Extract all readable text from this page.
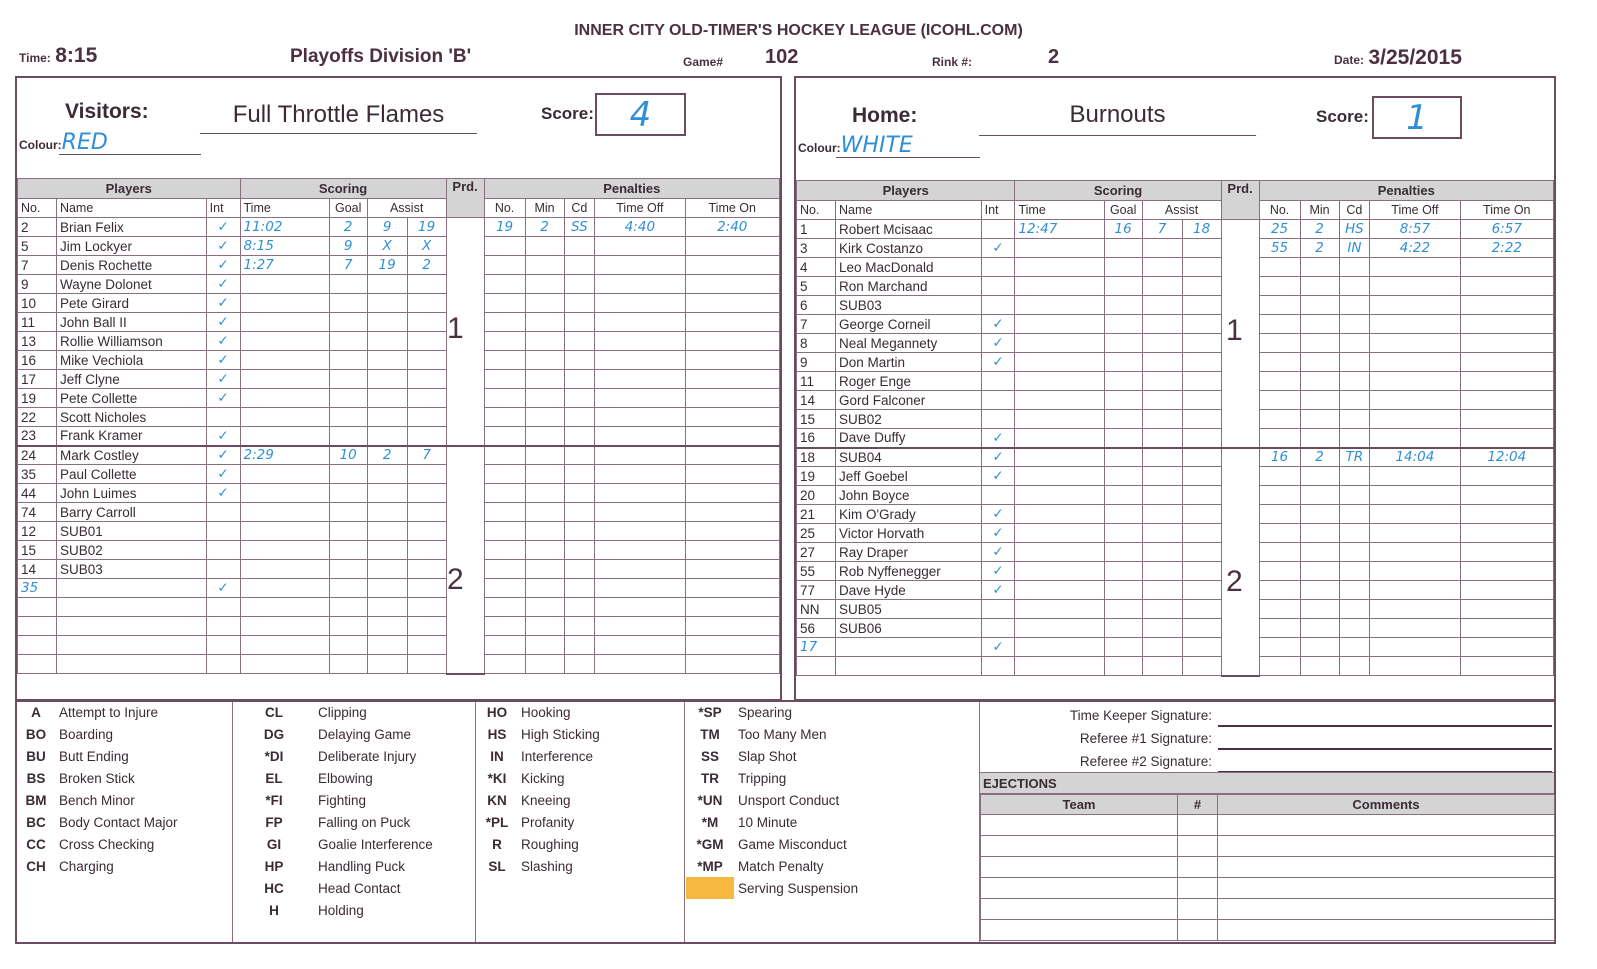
INNER CITY OLD-TIMER'S HOCKEY LEAGUE (ICOHL.COM)
Time: 8:15	Playoffs Division 'B'	Game# 102	Rink #:	2	Date: 3/25/2015
Visitors:	Full Throttle Flames	Score:	4
Colour:RED
Players			Scoring				Prd.	Penalties				
No.	Name	Int	Time	Goal	Assist			No.	Min	Cd	Time Off	Time On
2	Brian Felix	✓	11:02	2	9	19		19	2	SS	4:40	2:40
5	Jim Lockyer	✓	8:15	9	X	X						
7	Denis Rochette	✓	1:27	7	19	2						
9	Wayne Dolonet	✓										
10	Pete Girard	✓										
11	John Ball II	✓										
13	Rollie Williamson	✓										
16	Mike Vechiola	✓										
17	Jeff Clyne	✓										
19	Pete Collette	✓										
22	Scott Nicholes											
23	Frank Kramer	✓										
24	Mark Costley	✓	2:29	10	2	7						
35	Paul Collette	✓										
44	John Luimes	✓										
74	Barry Carroll											
12	SUB01											
15	SUB02											
14	SUB03											
35		✓										

1
2
Home:	Burnouts	Score:	1
Colour:WHITE
Players			Scoring				Prd.	Penalties				
No.	Name	Int	Time	Goal	Assist			No.	Min	Cd	Time Off	Time On
1	Robert Mcisaac		12:47	16	7	18		25	2	HS	8:57	6:57
3	Kirk Costanzo	✓						55	2	IN	4:22	2:22
4	Leo MacDonald											
5	Ron Marchand											
6	SUB03											
7	George Corneil	✓										
8	Neal Megannety	✓										
9	Don Martin	✓										
11	Roger Enge											
14	Gord Falconer											
15	SUB02											
16	Dave Duffy	✓										
18	SUB04	✓						16	2	TR	14:04	12:04
19	Jeff Goebel	✓										
20	John Boyce											
21	Kim O'Grady	✓										
25	Victor Horvath	✓										
27	Ray Draper	✓										
55	Rob Nyffenegger	✓										
77	Dave Hyde	✓										
NN	SUB05											
56	SUB06											
17		✓										

1
2
A	Attempt to Injure
BO	Boarding
BU	Butt Ending
BS	Broken Stick
BM	Bench Minor
BC	Body Contact Major
CC	Cross Checking
CH	Charging

CL	Clipping
DG	Delaying Game
*DI	Deliberate Injury
EL	Elbowing
*FI	Fighting
FP	Falling on Puck
GI	Goalie Interference
HP	Handling Puck
HC	Head Contact
H	Holding
HO	Hooking
HS	High Sticking
IN	Interference
*KI	Kicking
KN	Kneeing
*PL	Profanity
R	Roughing
SL	Slashing

*SP	Spearing
TM	Too Many Men
SS	Slap Shot
TR	Tripping
*UN	Unsport Conduct
*M	10 Minute
*GM	Game Misconduct
*MP	Match Penalty
	Serving Suspension

Time Keeper Signature:
Referee #1 Signature:
Referee #2 Signature:
EJECTIONS
Team	#	Comments
